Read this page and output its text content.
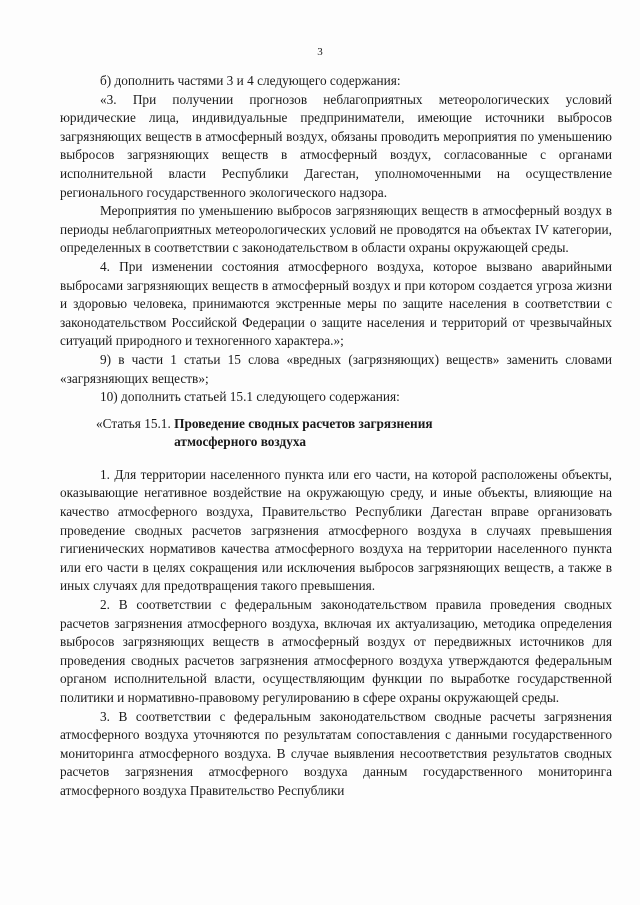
3

б) дополнить частями 3 и 4 следующего содержания:

«3. При получении прогнозов неблагоприятных метеорологических условий юридические лица, индивидуальные предприниматели, имеющие источники выбросов загрязняющих веществ в атмосферный воздух, обязаны проводить мероприятия по уменьшению выбросов загрязняющих веществ в атмосферный воздух, согласованные с органами исполнительной власти Республики Дагестан, уполномоченными на осуществление регионального государственного экологического надзора.

Мероприятия по уменьшению выбросов загрязняющих веществ в атмосферный воздух в периоды неблагоприятных метеорологических условий не проводятся на объектах IV категории, определенных в соответствии с законодательством в области охраны окружающей среды.

4. При изменении состояния атмосферного воздуха, которое вызвано аварийными выбросами загрязняющих веществ в атмосферный воздух и при котором создается угроза жизни и здоровью человека, принимаются экстренные меры по защите населения в соответствии с законодательством Российской Федерации о защите населения и территорий от чрезвычайных ситуаций природного и техногенного характера.»;

9) в части 1 статьи 15 слова «вредных (загрязняющих) веществ» заменить словами «загрязняющих веществ»;

10) дополнить статьей 15.1 следующего содержания:

«Статья 15.1. Проведение сводных расчетов загрязнения атмосферного воздуха

1. Для территории населенного пункта или его части, на которой расположены объекты, оказывающие негативное воздействие на окружающую среду, и иные объекты, влияющие на качество атмосферного воздуха, Правительство Республики Дагестан вправе организовать проведение сводных расчетов загрязнения атмосферного воздуха в случаях превышения гигиенических нормативов качества атмосферного воздуха на территории населенного пункта или его части в целях сокращения или исключения выбросов загрязняющих веществ, а также в иных случаях для предотвращения такого превышения.

2. В соответствии с федеральным законодательством правила проведения сводных расчетов загрязнения атмосферного воздуха, включая их актуализацию, методика определения выбросов загрязняющих веществ в атмосферный воздух от передвижных источников для проведения сводных расчетов загрязнения атмосферного воздуха утверждаются федеральным органом исполнительной власти, осуществляющим функции по выработке государственной политики и нормативно-правовому регулированию в сфере охраны окружающей среды.

3. В соответствии с федеральным законодательством сводные расчеты загрязнения атмосферного воздуха уточняются по результатам сопоставления с данными государственного мониторинга атмосферного воздуха. В случае выявления несоответствия результатов сводных расчетов загрязнения атмосферного воздуха данным государственного мониторинга атмосферного воздуха Правительство Республики
